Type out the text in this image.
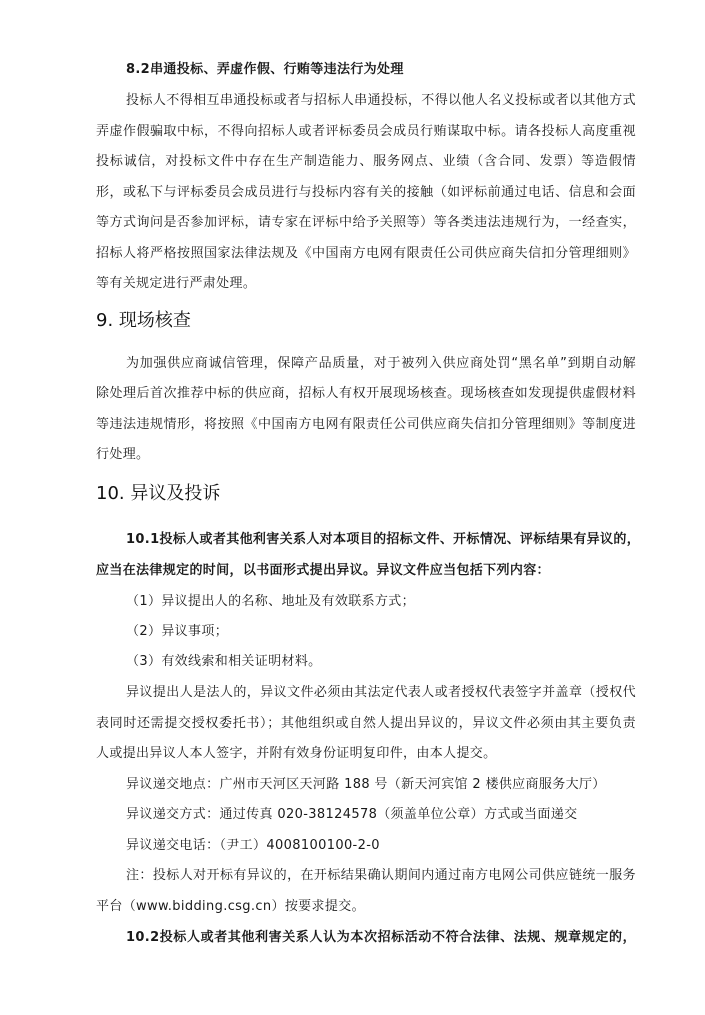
8.2串通投标、弄虚作假、行贿等违法行为处理
投标人不得相互串通投标或者与招标人串通投标，不得以他人名义投标或者以其他方式
弄虚作假骗取中标，不得向招标人或者评标委员会成员行贿谋取中标。请各投标人高度重视
投标诚信，对投标文件中存在生产制造能力、服务网点、业绩（含合同、发票）等造假情
形，或私下与评标委员会成员进行与投标内容有关的接触（如评标前通过电话、信息和会面
等方式询问是否参加评标，请专家在评标中给予关照等）等各类违法违规行为，一经查实，
招标人将严格按照国家法律法规及《中国南方电网有限责任公司供应商失信扣分管理细则》
等有关规定进行严肃处理。
9. 现场核查
为加强供应商诚信管理，保障产品质量，对于被列入供应商处罚“黑名单”到期自动解
除处理后首次推荐中标的供应商，招标人有权开展现场核查。现场核查如发现提供虚假材料
等违法违规情形，将按照《中国南方电网有限责任公司供应商失信扣分管理细则》等制度进
行处理。
10. 异议及投诉
10.1投标人或者其他利害关系人对本项目的招标文件、开标情况、评标结果有异议的，
应当在法律规定的时间，以书面形式提出异议。异议文件应当包括下列内容：
（1）异议提出人的名称、地址及有效联系方式；
（2）异议事项；
（3）有效线索和相关证明材料。
异议提出人是法人的，异议文件必须由其法定代表人或者授权代表签字并盖章（授权代
表同时还需提交授权委托书）；其他组织或自然人提出异议的，异议文件必须由其主要负责
人或提出异议人本人签字，并附有效身份证明复印件，由本人提交。
异议递交地点：广州市天河区天河路 188 号（新天河宾馆 2 楼供应商服务大厅）
异议递交方式：通过传真 020-38124578（须盖单位公章）方式或当面递交
异议递交电话：（尹工）4008100100-2-0
注：投标人对开标有异议的，在开标结果确认期间内通过南方电网公司供应链统一服务
平台（www.bidding.csg.cn）按要求提交。
10.2投标人或者其他利害关系人认为本次招标活动不符合法律、法规、规章规定的，
